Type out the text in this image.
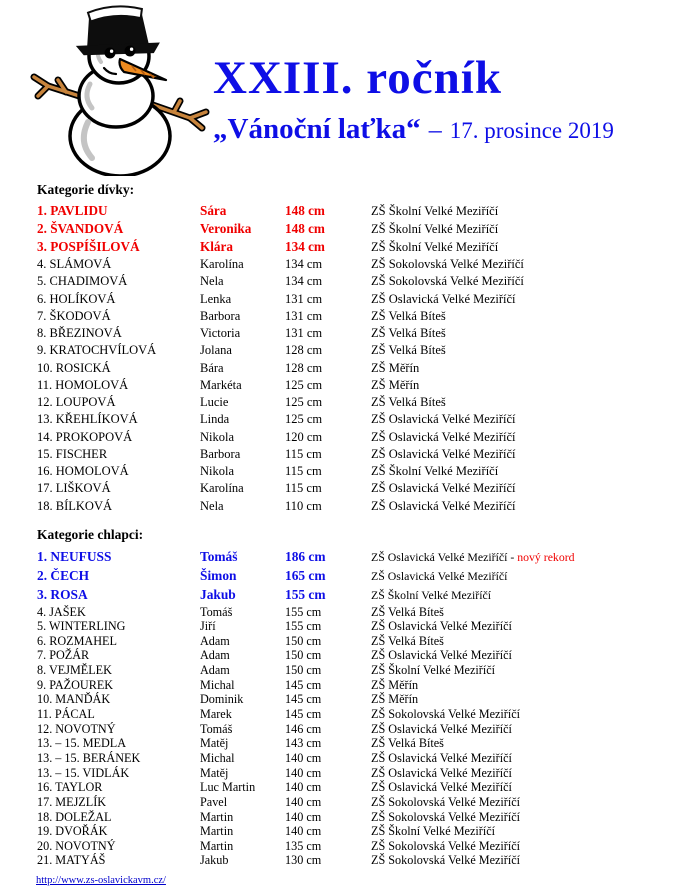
XXIII. ročník
„Vánoční laťka“ – 17. prosince 2019
Kategorie dívky:
1. PAVLIDU	Sára	148 cm	ZŠ Školní Velké Meziříčí
2. ŠVANDOVÁ	Veronika	148 cm	ZŠ Školní Velké Meziříčí
3. POSPÍŠILOVÁ	Klára	134 cm	ZŠ Školní Velké Meziříčí
4. SLÁMOVÁ	Karolína	134 cm	ZŠ Sokolovská Velké Meziříčí
5. CHADIMOVÁ	Nela	134 cm	ZŠ Sokolovská Velké Meziříčí
6. HOLÍKOVÁ	Lenka	131 cm	ZŠ Oslavická Velké Meziříčí
7. ŠKODOVÁ	Barbora	131 cm	ZŠ Velká Bíteš
8. BŘEZINOVÁ	Victoria	131 cm	ZŠ Velká Bíteš
9. KRATOCHVÍLOVÁ	Jolana	128 cm	ZŠ Velká Bíteš
10. ROSICKÁ	Bára	128 cm	ZŠ Měřín
11. HOMOLOVÁ	Markéta	125 cm	ZŠ Měřín
12. LOUPOVÁ	Lucie	125 cm	ZŠ Velká Bíteš
13. KŘEHLÍKOVÁ	Linda	125 cm	ZŠ Oslavická Velké Meziříčí
14. PROKOPOVÁ	Nikola	120 cm	ZŠ Oslavická Velké Meziříčí
15. FISCHER	Barbora	115 cm	ZŠ Oslavická Velké Meziříčí
16. HOMOLOVÁ	Nikola	115 cm	ZŠ Školní Velké Meziříčí
17. LIŠKOVÁ	Karolína	115 cm	ZŠ Oslavická Velké Meziříčí
18. BÍLKOVÁ	Nela	110 cm	ZŠ Oslavická Velké Meziříčí
Kategorie chlapci:
1. NEUFUSS	Tomáš	186 cm	ZŠ Oslavická Velké Meziříčí - nový rekord
2. ČECH	Šimon	165 cm	ZŠ Oslavická Velké Meziříčí
3. ROSA	Jakub	155 cm	ZŠ Školní Velké Meziříčí
4. JAŠEK	Tomáš	155 cm	ZŠ Velká Bíteš
5. WINTERLING	Jiří	155 cm	ZŠ Oslavická Velké Meziříčí
6. ROZMAHEL	Adam	150 cm	ZŠ Velká Bíteš
7. POŽÁR	Adam	150 cm	ZŠ Oslavická Velké Meziříčí
8. VEJMĚLEK	Adam	150 cm	ZŠ Školní Velké Meziříčí
9. PAŽOUREK	Michal	145 cm	ZŠ Měřín
10. MANĎÁK	Dominik	145 cm	ZŠ Měřín
11. PÁCAL	Marek	145 cm	ZŠ Sokolovská Velké Meziříčí
12. NOVOTNÝ	Tomáš	146 cm	ZŠ Oslavická Velké Meziříčí
13. – 15. MEDLA	Matěj	143 cm	ZŠ Velká Bíteš
13. – 15. BERÁNEK	Michal	140 cm	ZŠ Oslavická Velké Meziříčí
13. – 15. VIDLÁK	Matěj	140 cm	ZŠ Oslavická Velké Meziříčí
16. TAYLOR	Luc Martin	140 cm	ZŠ Oslavická Velké Meziříčí
17. MEJZLÍK	Pavel	140 cm	ZŠ Sokolovská Velké Meziříčí
18. DOLEŽAL	Martin	140 cm	ZŠ Sokolovská Velké Meziříčí
19. DVOŘÁK	Martin	140 cm	ZŠ Školní Velké Meziříčí
20. NOVOTNÝ	Martin	135 cm	ZŠ Sokolovská Velké Meziříčí
21. MATYÁŠ	Jakub	130 cm	ZŠ Sokolovská Velké Meziříčí
http://www.zs-oslavickavm.cz/
